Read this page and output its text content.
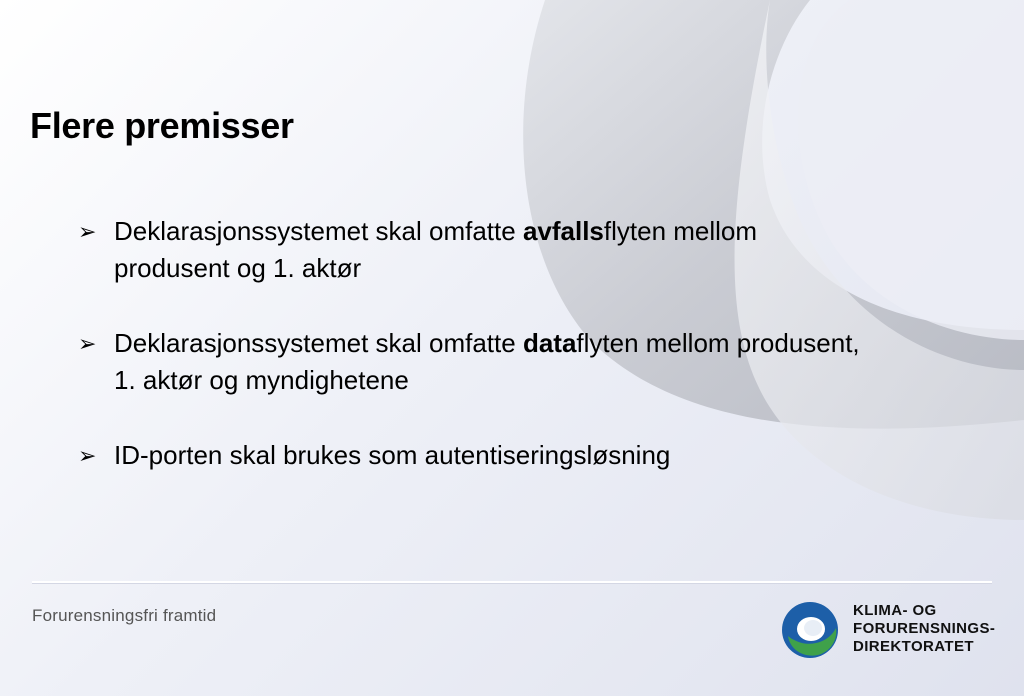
Flere premisser
➢ Deklarasjonssystemet skal omfatte avfallsflyten mellom
produsent og 1. aktør
➢ Deklarasjonssystemet skal omfatte dataflyten mellom produsent,
1. aktør og myndighetene
➢ ID-porten skal brukes som autentiseringsløsning

Forurensningsfri framtid	KLIMA- OG
FORURENSNINGS-
DIREKTORATET
